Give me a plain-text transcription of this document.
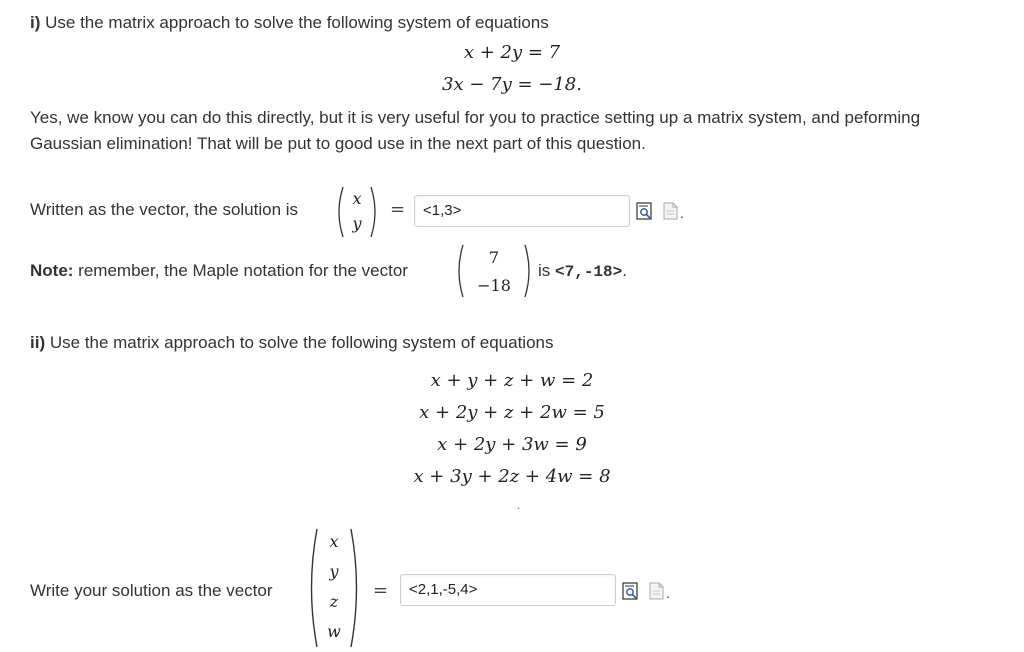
i) Use the matrix approach to solve the following system of equations
x + 2y = 7
3x − 7y = −18.
Yes, we know you can do this directly, but it is very useful for you to practice setting up a matrix system, and peforming Gaussian elimination! That will be put to good use in the next part of this question.
Written as the vector, the solution is
x
y
=	<1,3>	.
Note: remember, the Maple notation for the vector
7
−18
is <7,-18>.
ii) Use the matrix approach to solve the following system of equations
x + y + z + w = 2
x + 2y + z + 2w = 5
x + 2y + 3w = 9
x + 3y + 2z + 4w = 8
.
Write your solution as the vector
x
y
z
w
=	<2,1,-5,4>	.
